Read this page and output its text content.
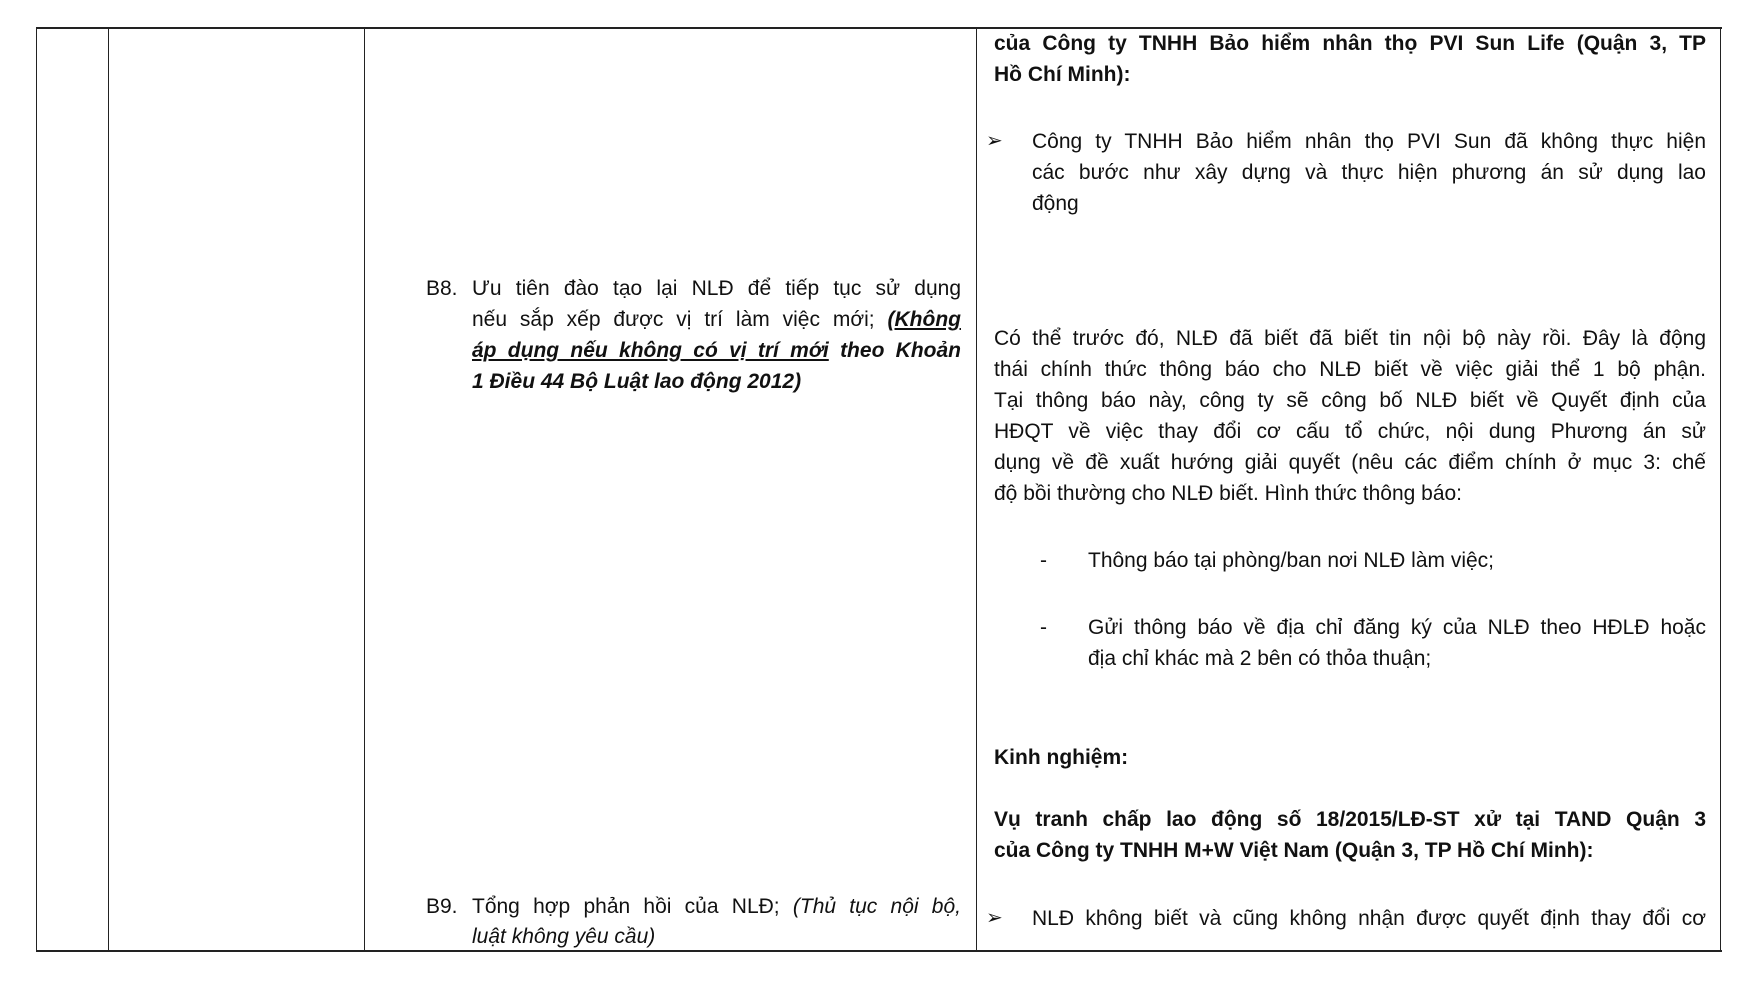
B8. Ưu tiên đào tạo lại NLĐ để tiếp tục sử dụng
nếu sắp xếp được vị trí làm việc mới; (Không
áp dụng nếu không có vị trí mới theo Khoản
1 Điều 44 Bộ Luật lao động 2012)
B9. Tổng hợp phản hồi của NLĐ; (Thủ tục nội bộ,
luật không yêu cầu)
của Công ty TNHH Bảo hiểm nhân thọ PVI Sun Life (Quận 3, TP
Hồ Chí Minh):
➢ Công ty TNHH Bảo hiểm nhân thọ PVI Sun đã không thực hiện
các bước như xây dựng và thực hiện phương án sử dụng lao
động
Có thể trước đó, NLĐ đã biết đã biết tin nội bộ này rồi. Đây là động
thái chính thức thông báo cho NLĐ biết về việc giải thể 1 bộ phận.
Tại thông báo này, công ty sẽ công bố NLĐ biết về Quyết định của
HĐQT về việc thay đổi cơ cấu tổ chức, nội dung Phương án sử
dụng về đề xuất hướng giải quyết (nêu các điểm chính ở mục 3: chế
độ bồi thường cho NLĐ biết. Hình thức thông báo:
- Thông báo tại phòng/ban nơi NLĐ làm việc;
- Gửi thông báo về địa chỉ đăng ký của NLĐ theo HĐLĐ hoặc
địa chỉ khác mà 2 bên có thỏa thuận;
Kinh nghiệm:
Vụ tranh chấp lao động số 18/2015/LĐ-ST xử tại TAND Quận 3
của Công ty TNHH M+W Việt Nam (Quận 3, TP Hồ Chí Minh):
➢ NLĐ không biết và cũng không nhận được quyết định thay đổi cơ
